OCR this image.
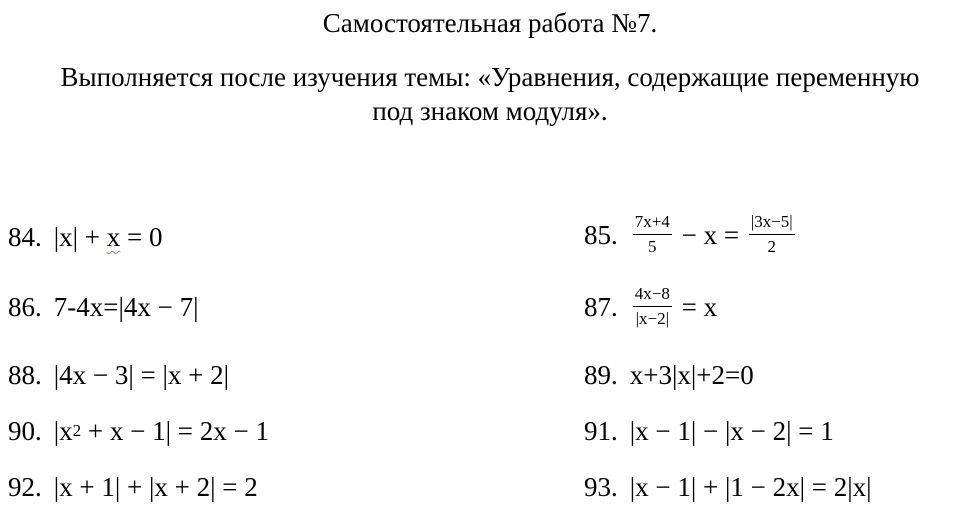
Самостоятельная работа №7.
Выполняется после изучения темы: «Уравнения, содержащие переменную
под знаком модуля».
84. |x| + x = 0	85. $\frac{7x+4}{5} - x = \frac{|3x-5|}{2}$
86. 7-4x=|4x − 7|	87. $\frac{4x-8}{|x-2|} = x$
88. |4x − 3| = |x + 2|	89. x+3|x|+2=0
90. |x 2 + x − 1| = 2x − 1	91. |x − 1| − |x − 2| = 1
92. |x + 1| + |x + 2| = 2	93. |x − 1| + |1 − 2x| = 2|x|
